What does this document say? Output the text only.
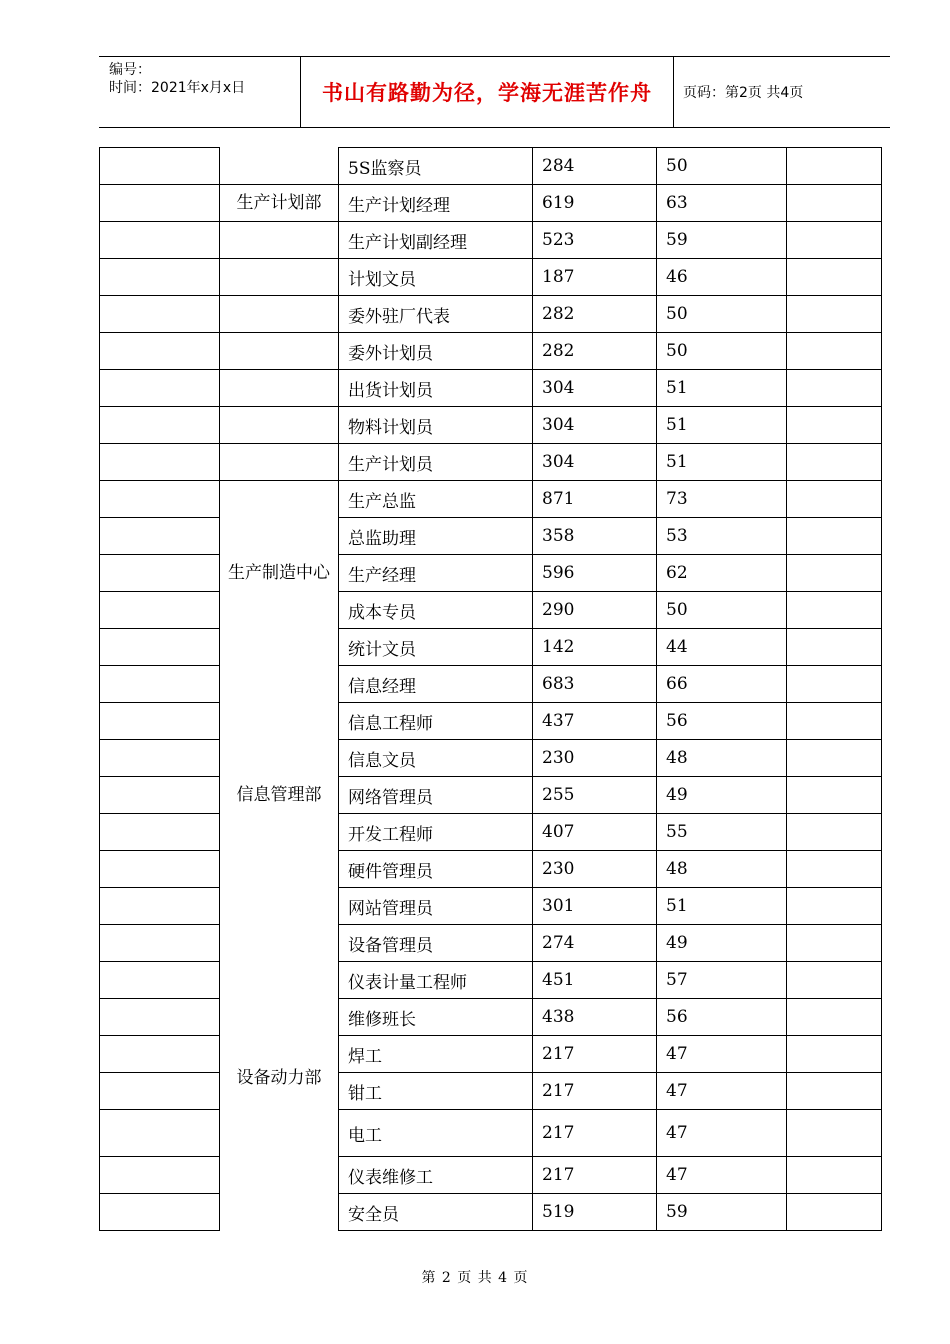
编号：
时间：2021年x月x日	书山有路勤为径，学海无涯苦作舟	页码：第2页 共4页
		5S监察员	284	50	
	生产计划部	生产计划经理	619	63	
		生产计划副经理	523	59	
		计划文员	187	46	
		委外驻厂代表	282	50	
		委外计划员	282	50	
		出货计划员	304	51	
		物料计划员	304	51	
		生产计划员	304	51	
	生产制造中心	生产总监	871	73	
		总监助理	358	53	
		生产经理	596	62	
		成本专员	290	50	
		统计文员	142	44	
	信息管理部	信息经理	683	66	
		信息工程师	437	56	
		信息文员	230	48	
		网络管理员	255	49	
		开发工程师	407	55	
		硬件管理员	230	48	
		网站管理员	301	51	
	设备动力部	设备管理员	274	49	
		仪表计量工程师	451	57	
		维修班长	438	56	
		焊工	217	47	
		钳工	217	47	
		电工	217	47	
		仪表维修工	217	47	
		安全员	519	59	
第 2 页 共 4 页
